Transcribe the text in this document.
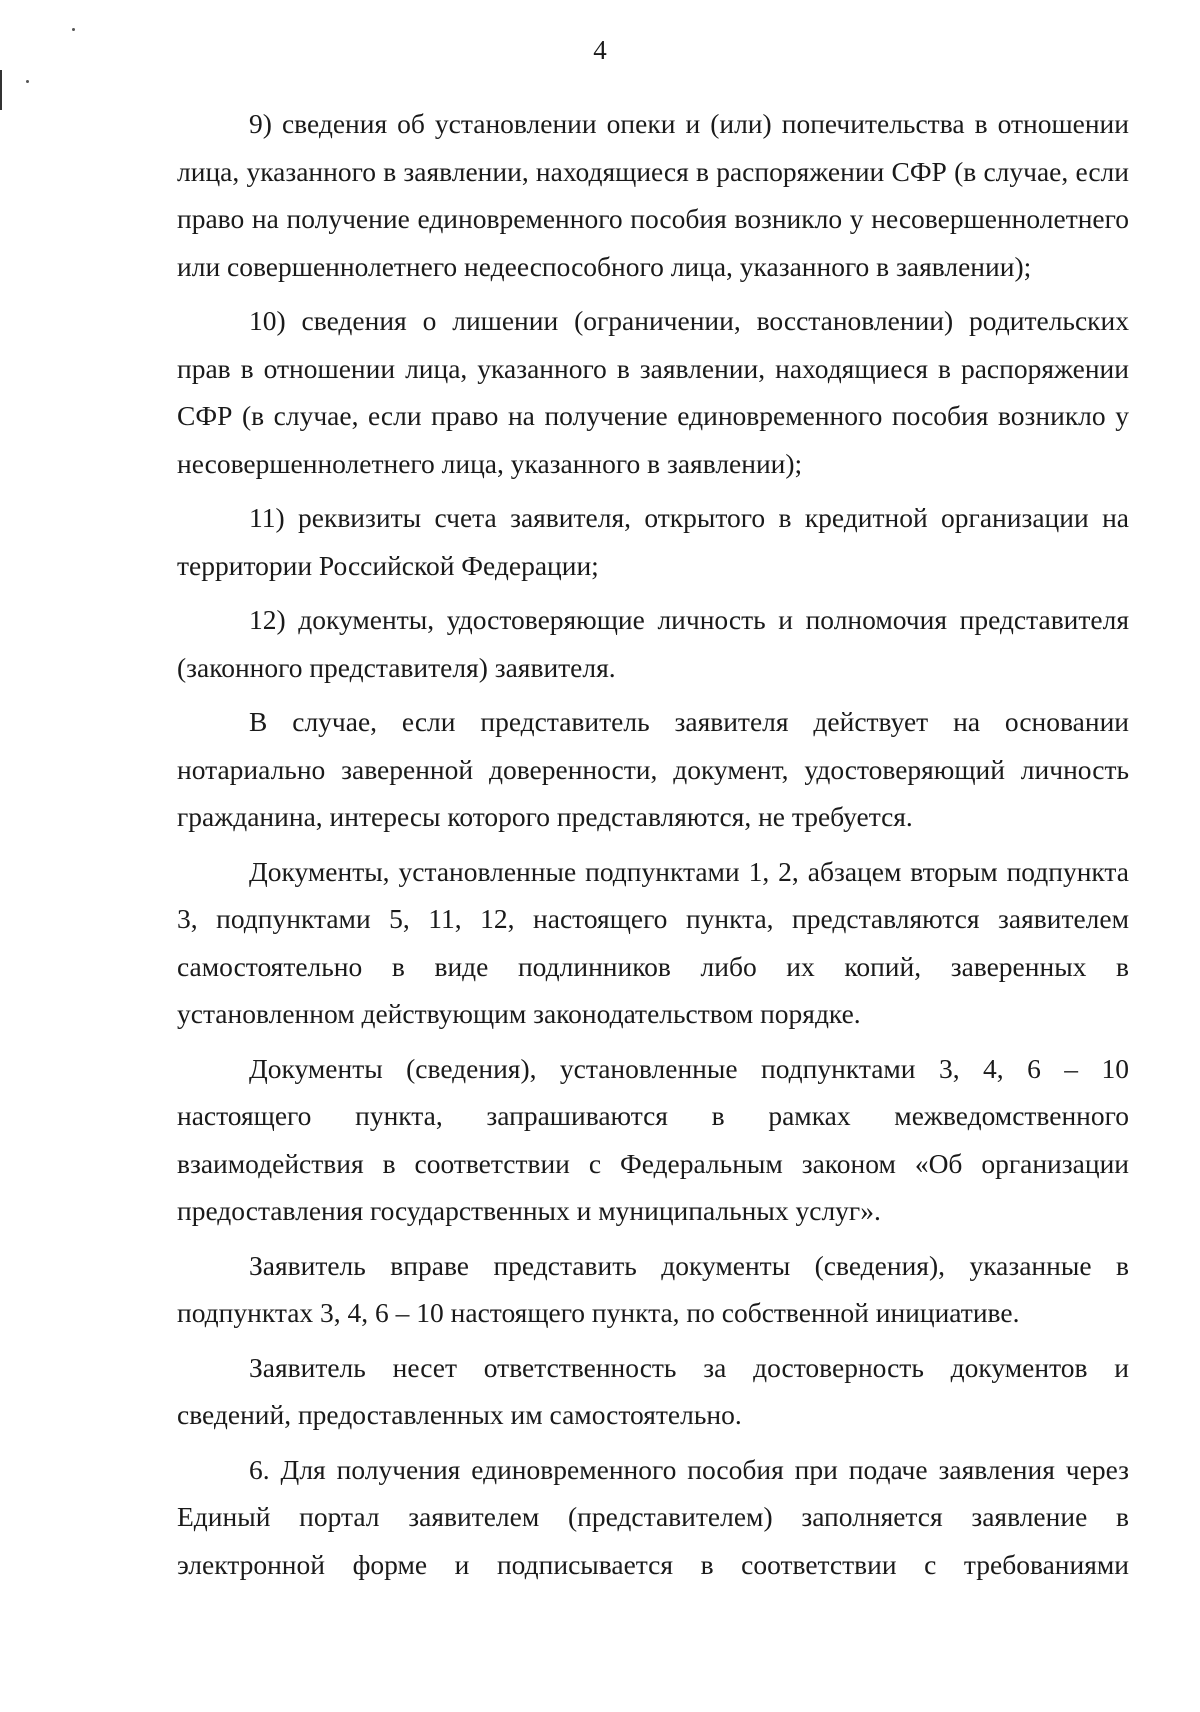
4

9) сведения об установлении опеки и (или) попечительства в отношении лица, указанного в заявлении, находящиеся в распоряжении СФР (в случае, если право на получение единовременного пособия возникло у несовершеннолетнего или совершеннолетнего недееспособного лица, указанного в заявлении);

10) сведения о лишении (ограничении, восстановлении) родительских прав в отношении лица, указанного в заявлении, находящиеся в распоряжении СФР (в случае, если право на получение единовременного пособия возникло у несовершеннолетнего лица, указанного в заявлении);

11) реквизиты счета заявителя, открытого в кредитной организации на территории Российской Федерации;

12) документы, удостоверяющие личность и полномочия представителя (законного представителя) заявителя.

В случае, если представитель заявителя действует на основании нотариально заверенной доверенности, документ, удостоверяющий личность гражданина, интересы которого представляются, не требуется.

Документы, установленные подпунктами 1, 2, абзацем вторым подпункта 3, подпунктами 5, 11, 12, настоящего пункта, представляются заявителем самостоятельно в виде подлинников либо их копий, заверенных в установленном действующим законодательством порядке.

Документы (сведения), установленные подпунктами 3, 4, 6 – 10 настоящего пункта, запрашиваются в рамках межведомственного взаимодействия в соответствии с Федеральным законом «Об организации предоставления государственных и муниципальных услуг».

Заявитель вправе представить документы (сведения), указанные в подпунктах 3, 4, 6 – 10 настоящего пункта, по собственной инициативе.

Заявитель несет ответственность за достоверность документов и сведений, предоставленных им самостоятельно.

6. Для получения единовременного пособия при подаче заявления через Единый портал заявителем (представителем) заполняется заявление в электронной форме и подписывается в соответствии с требованиями
